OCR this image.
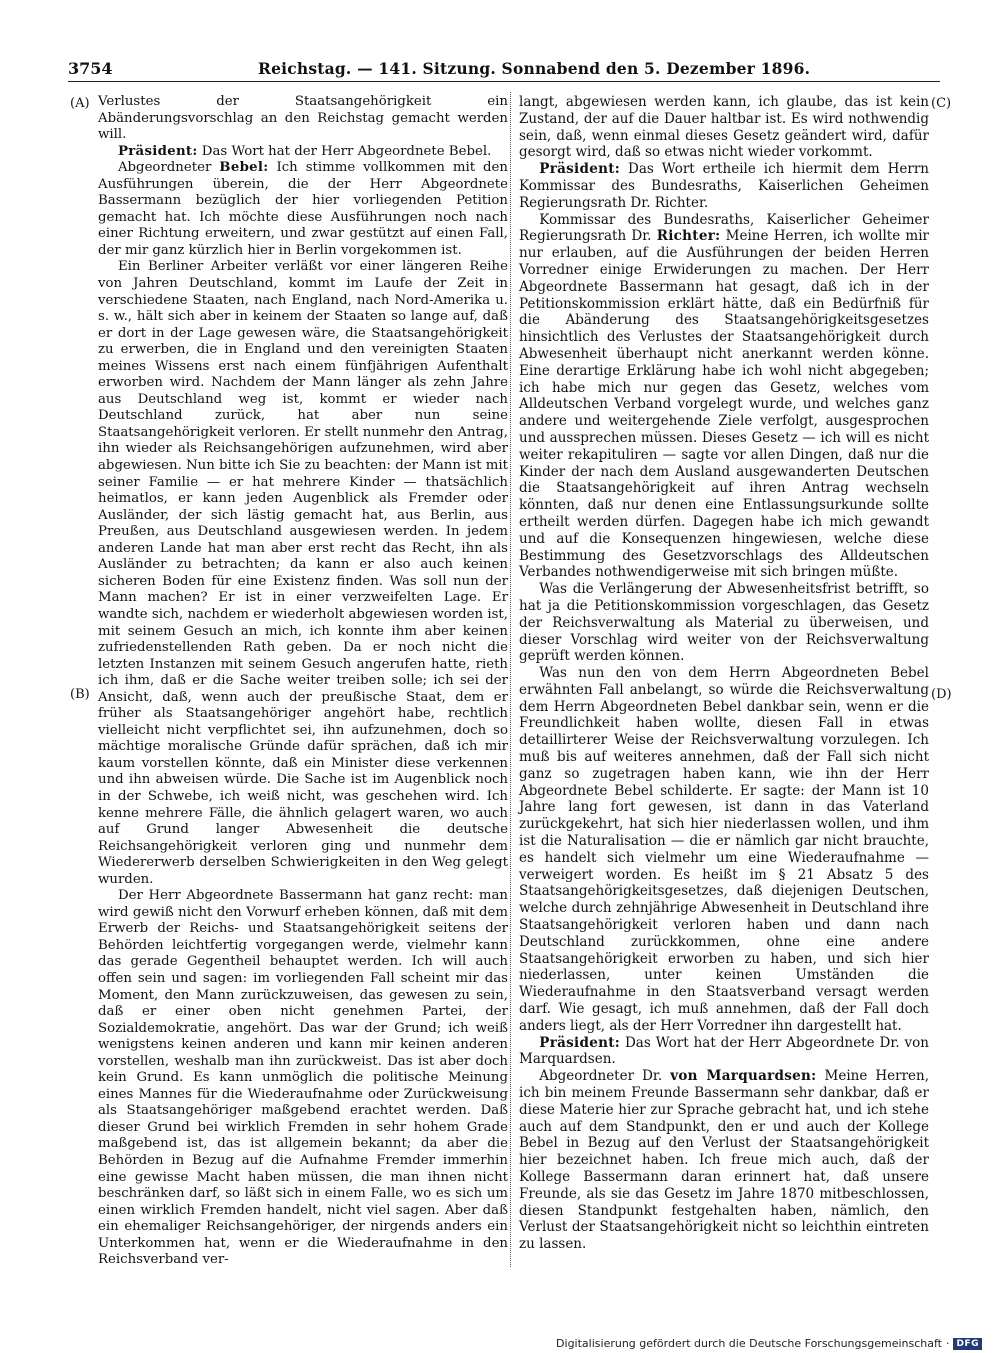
3754	Reichstag. — 141. Sitzung. Sonnabend den 5. Dezember 1896.
(A)
(B)
(C)
(D)

Verlustes der Staatsangehörigkeit ein Abänderungsvorschlag an den Reichstag gemacht werden will.

Präsident: Das Wort hat der Herr Abgeordnete Bebel.

Abgeordneter Bebel: Ich stimme vollkommen mit den Ausführungen überein, die der Herr Abgeordnete Bassermann bezüglich der hier vorliegenden Petition gemacht hat. Ich möchte diese Ausführungen noch nach einer Richtung erweitern, und zwar gestützt auf einen Fall, der mir ganz kürzlich hier in Berlin vorgekommen ist.

Ein Berliner Arbeiter verläßt vor einer längeren Reihe von Jahren Deutschland, kommt im Laufe der Zeit in verschiedene Staaten, nach England, nach Nord-Amerika u. s. w., hält sich aber in keinem der Staaten so lange auf, daß er dort in der Lage gewesen wäre, die Staatsangehörigkeit zu erwerben, die in England und den vereinigten Staaten meines Wissens erst nach einem fünfjährigen Aufenthalt erworben wird. Nachdem der Mann länger als zehn Jahre aus Deutschland weg ist, kommt er wieder nach Deutschland zurück, hat aber nun seine Staatsangehörigkeit verloren. Er stellt nunmehr den Antrag, ihn wieder als Reichsangehörigen aufzunehmen, wird aber abgewiesen. Nun bitte ich Sie zu beachten: der Mann ist mit seiner Familie — er hat mehrere Kinder — thatsächlich heimatlos, er kann jeden Augenblick als Fremder oder Ausländer, der sich lästig gemacht hat, aus Berlin, aus Preußen, aus Deutschland ausgewiesen werden. In jedem anderen Lande hat man aber erst recht das Recht, ihn als Ausländer zu betrachten; da kann er also auch keinen sicheren Boden für eine Existenz finden. Was soll nun der Mann machen? Er ist in einer verzweifelten Lage. Er wandte sich, nachdem er wiederholt abgewiesen worden ist, mit seinem Gesuch an mich, ich konnte ihm aber keinen zufriedenstellenden Rath geben. Da er noch nicht die letzten Instanzen mit seinem Gesuch angerufen hatte, rieth ich ihm, daß er die Sache weiter treiben solle; ich sei der Ansicht, daß, wenn auch der preußische Staat, dem er früher als Staatsangehöriger angehört habe, rechtlich vielleicht nicht verpflichtet sei, ihn aufzunehmen, doch so mächtige moralische Gründe dafür sprächen, daß ich mir kaum vorstellen könnte, daß ein Minister diese verkennen und ihn abweisen würde. Die Sache ist im Augenblick noch in der Schwebe, ich weiß nicht, was geschehen wird. Ich kenne mehrere Fälle, die ähnlich gelagert waren, wo auch auf Grund langer Abwesenheit die deutsche Reichsangehörigkeit verloren ging und nunmehr dem Wiedererwerb derselben Schwierigkeiten in den Weg gelegt wurden.

Der Herr Abgeordnete Bassermann hat ganz recht: man wird gewiß nicht den Vorwurf erheben können, daß mit dem Erwerb der Reichs- und Staatsangehörigkeit seitens der Behörden leichtfertig vorgegangen werde, vielmehr kann das gerade Gegentheil behauptet werden. Ich will auch offen sein und sagen: im vorliegenden Fall scheint mir das Moment, den Mann zurückzuweisen, das gewesen zu sein, daß er einer oben nicht genehmen Partei, der Sozialdemokratie, angehört. Das war der Grund; ich weiß wenigstens keinen anderen und kann mir keinen anderen vorstellen, weshalb man ihn zurückweist. Das ist aber doch kein Grund. Es kann unmöglich die politische Meinung eines Mannes für die Wiederaufnahme oder Zurückweisung als Staatsangehöriger maßgebend erachtet werden. Daß dieser Grund bei wirklich Fremden in sehr hohem Grade maßgebend ist, das ist allgemein bekannt; da aber die Behörden in Bezug auf die Aufnahme Fremder immerhin eine gewisse Macht haben müssen, die man ihnen nicht beschränken darf, so läßt sich in einem Falle, wo es sich um einen wirklich Fremden handelt, nicht viel sagen. Aber daß ein ehemaliger Reichsangehöriger, der nirgends anders ein Unterkommen hat, wenn er die Wiederaufnahme in den Reichsverband ver-

langt, abgewiesen werden kann, ich glaube, das ist kein Zustand, der auf die Dauer haltbar ist. Es wird nothwendig sein, daß, wenn einmal dieses Gesetz geändert wird, dafür gesorgt wird, daß so etwas nicht wieder vorkommt.

Präsident: Das Wort ertheile ich hiermit dem Herrn Kommissar des Bundesraths, Kaiserlichen Geheimen Regierungsrath Dr. Richter.

Kommissar des Bundesraths, Kaiserlicher Geheimer Regierungsrath Dr. Richter: Meine Herren, ich wollte mir nur erlauben, auf die Ausführungen der beiden Herren Vorredner einige Erwiderungen zu machen. Der Herr Abgeordnete Bassermann hat gesagt, daß ich in der Petitionskommission erklärt hätte, daß ein Bedürfniß für die Abänderung des Staatsangehörigkeitsgesetzes hinsichtlich des Verlustes der Staatsangehörigkeit durch Abwesenheit überhaupt nicht anerkannt werden könne. Eine derartige Erklärung habe ich wohl nicht abgegeben; ich habe mich nur gegen das Gesetz, welches vom Alldeutschen Verband vorgelegt wurde, und welches ganz andere und weitergehende Ziele verfolgt, ausgesprochen und aussprechen müssen. Dieses Gesetz — ich will es nicht weiter rekapituliren — sagte vor allen Dingen, daß nur die Kinder der nach dem Ausland ausgewanderten Deutschen die Staatsangehörigkeit auf ihren Antrag wechseln könnten, daß nur denen eine Entlassungsurkunde sollte ertheilt werden dürfen. Dagegen habe ich mich gewandt und auf die Konsequenzen hingewiesen, welche diese Bestimmung des Gesetzvorschlags des Alldeutschen Verbandes nothwendigerweise mit sich bringen müßte.

Was die Verlängerung der Abwesenheitsfrist betrifft, so hat ja die Petitionskommission vorgeschlagen, das Gesetz der Reichsverwaltung als Material zu überweisen, und dieser Vorschlag wird weiter von der Reichsverwaltung geprüft werden können.

Was nun den von dem Herrn Abgeordneten Bebel erwähnten Fall anbelangt, so würde die Reichsverwaltung dem Herrn Abgeordneten Bebel dankbar sein, wenn er die Freundlichkeit haben wollte, diesen Fall in etwas detaillirterer Weise der Reichsverwaltung vorzulegen. Ich muß bis auf weiteres annehmen, daß der Fall sich nicht ganz so zugetragen haben kann, wie ihn der Herr Abgeordnete Bebel schilderte. Er sagte: der Mann ist 10 Jahre lang fort gewesen, ist dann in das Vaterland zurückgekehrt, hat sich hier niederlassen wollen, und ihm ist die Naturalisation — die er nämlich gar nicht brauchte, es handelt sich vielmehr um eine Wiederaufnahme — verweigert worden. Es heißt im § 21 Absatz 5 des Staatsangehörigkeitsgesetzes, daß diejenigen Deutschen, welche durch zehnjährige Abwesenheit in Deutschland ihre Staatsangehörigkeit verloren haben und dann nach Deutschland zurückkommen, ohne eine andere Staatsangehörigkeit erworben zu haben, und sich hier niederlassen, unter keinen Umständen die Wiederaufnahme in den Staatsverband versagt werden darf. Wie gesagt, ich muß annehmen, daß der Fall doch anders liegt, als der Herr Vorredner ihn dargestellt hat.

Präsident: Das Wort hat der Herr Abgeordnete Dr. von Marquardsen.

Abgeordneter Dr. von Marquardsen: Meine Herren, ich bin meinem Freunde Bassermann sehr dankbar, daß er diese Materie hier zur Sprache gebracht hat, und ich stehe auch auf dem Standpunkt, den er und auch der Kollege Bebel in Bezug auf den Verlust der Staatsangehörigkeit hier bezeichnet haben. Ich freue mich auch, daß der Kollege Bassermann daran erinnert hat, daß unsere Freunde, als sie das Gesetz im Jahre 1870 mitbeschlossen, diesen Standpunkt festgehalten haben, nämlich, den Verlust der Staatsangehörigkeit nicht so leichthin eintreten zu lassen.

Digitalisierung gefördert durch die Deutsche Forschungsgemeinschaft · DFG
